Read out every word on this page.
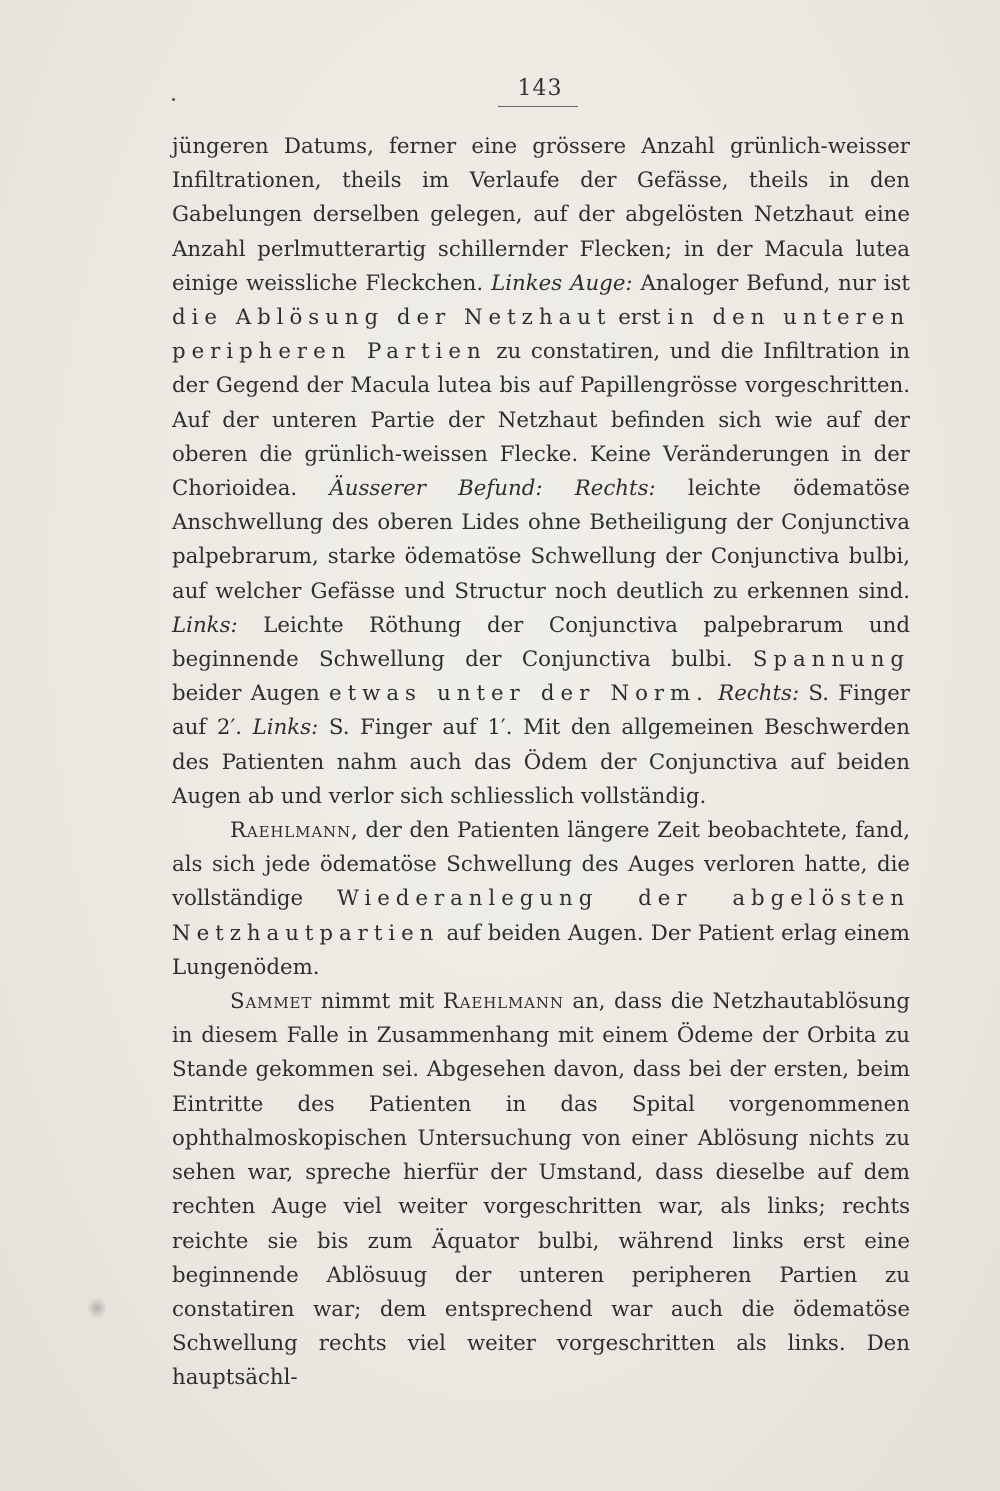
143

jüngeren Datums, ferner eine grössere Anzahl grünlich-weisser Infiltrationen, theils im Verlaufe der Gefässe, theils in den Gabelungen derselben gelegen, auf der abgelösten Netzhaut eine Anzahl perlmutterartig schillernder Flecken; in der Macula lutea einige weissliche Fleckchen. Linkes Auge: Analoger Befund, nur ist die Ablösung der Netzhaut erst in den unteren peripheren Partien zu constatiren, und die Infiltration in der Gegend der Macula lutea bis auf Papillengrösse vorgeschritten. Auf der unteren Partie der Netzhaut befinden sich wie auf der oberen die grünlich-weissen Flecke. Keine Veränderungen in der Chorioidea. Äusserer Befund: Rechts: leichte ödematöse Anschwellung des oberen Lides ohne Betheiligung der Conjunctiva palpebrarum, starke ödematöse Schwellung der Conjunctiva bulbi, auf welcher Gefässe und Structur noch deutlich zu erkennen sind. Links: Leichte Röthung der Conjunctiva palpebrarum und beginnende Schwellung der Conjunctiva bulbi. Spannung beider Augen etwas unter der Norm. Rechts: S. Finger auf 2′. Links: S. Finger auf 1′. Mit den allgemeinen Beschwerden des Patienten nahm auch das Ödem der Conjunctiva auf beiden Augen ab und verlor sich schliesslich vollständig.

Raehlmann, der den Patienten längere Zeit beobachtete, fand, als sich jede ödematöse Schwellung des Auges verloren hatte, die vollständige Wiederanlegung der abgelösten Netzhautpartien auf beiden Augen. Der Patient erlag einem Lungenödem.

Sammet nimmt mit Raehlmann an, dass die Netzhautablösung in diesem Falle in Zusammenhang mit einem Ödeme der Orbita zu Stande gekommen sei. Abgesehen davon, dass bei der ersten, beim Eintritte des Patienten in das Spital vorgenommenen ophthalmoskopischen Untersuchung von einer Ablösung nichts zu sehen war, spreche hierfür der Umstand, dass dieselbe auf dem rechten Auge viel weiter vorgeschritten war, als links; rechts reichte sie bis zum Äquator bulbi, während links erst eine beginnende Ablösuug der unteren peripheren Partien zu constatiren war; dem entsprechend war auch die ödematöse Schwellung rechts viel weiter vorgeschritten als links. Den hauptsächl-
